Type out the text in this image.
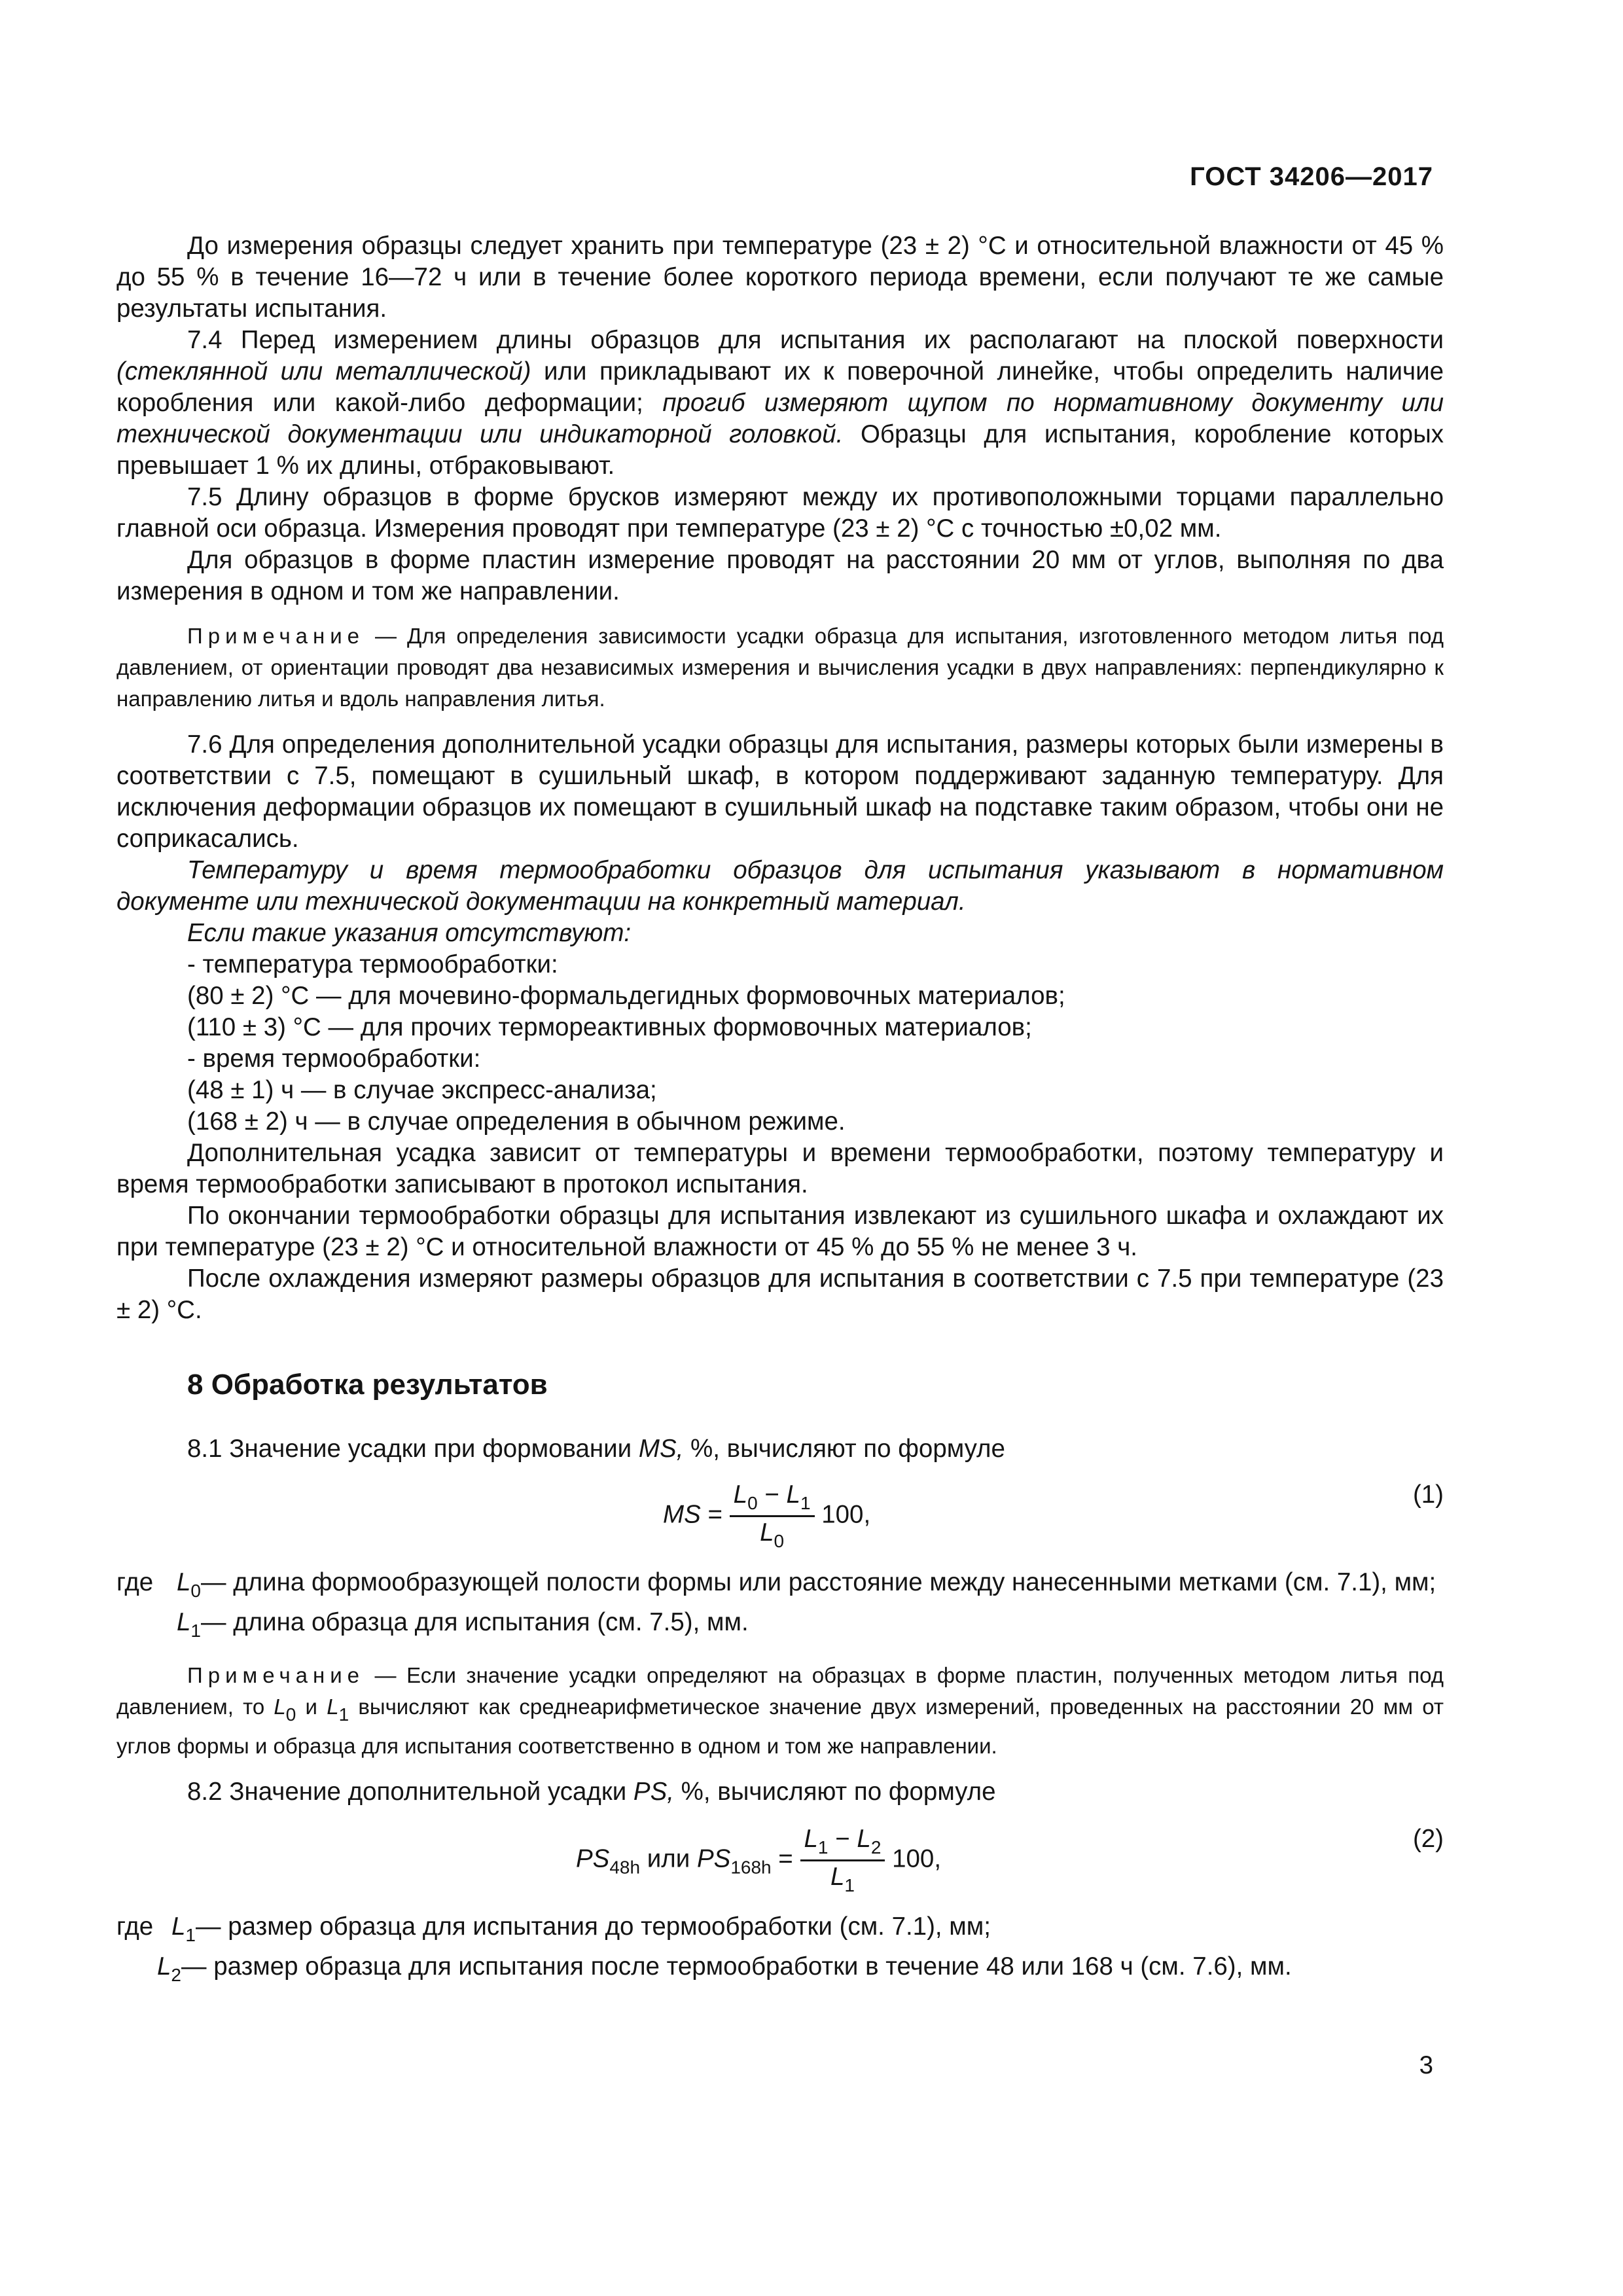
ГОСТ 34206—2017

До измерения образцы следует хранить при температуре (23 ± 2) °С и относительной влажности от 45 % до 55 % в течение 16—72 ч или в течение более короткого периода времени, если получают те же самые результаты испытания.

7.4 Перед измерением длины образцов для испытания их располагают на плоской поверхности (стеклянной или металлической) или прикладывают их к поверочной линейке, чтобы определить наличие коробления или какой-либо деформации; прогиб измеряют щупом по нормативному документу или технической документации или индикаторной головкой. Образцы для испытания, коробление которых превышает 1 % их длины, отбраковывают.

7.5 Длину образцов в форме брусков измеряют между их противоположными торцами параллельно главной оси образца. Измерения проводят при температуре (23 ± 2) °С с точностью ±0,02 мм.

Для образцов в форме пластин измерение проводят на расстоянии 20 мм от углов, выполняя по два измерения в одном и том же направлении.

Примечание — Для определения зависимости усадки образца для испытания, изготовленного методом литья под давлением, от ориентации проводят два независимых измерения и вычисления усадки в двух направлениях: перпендикулярно к направлению литья и вдоль направления литья.

7.6 Для определения дополнительной усадки образцы для испытания, размеры которых были измерены в соответствии с 7.5, помещают в сушильный шкаф, в котором поддерживают заданную температуру. Для исключения деформации образцов их помещают в сушильный шкаф на подставке таким образом, чтобы они не соприкасались.

Температуру и время термообработки образцов для испытания указывают в нормативном документе или технической документации на конкретный материал.

Если такие указания отсутствуют:

- температура термообработки:

(80 ± 2) °С — для мочевино-формальдегидных формовочных материалов;

(110 ± 3) °С — для прочих термореактивных формовочных материалов;

- время термообработки:

(48 ± 1) ч — в случае экспресс-анализа;

(168 ± 2) ч — в случае определения в обычном режиме.

Дополнительная усадка зависит от температуры и времени термообработки, поэтому температуру и время термообработки записывают в протокол испытания.

По окончании термообработки образцы для испытания извлекают из сушильного шкафа и охлаждают их при температуре (23 ± 2) °С и относительной влажности от 45 % до 55 % не менее 3 ч.

После охлаждения измеряют размеры образцов для испытания в соответствии с 7.5 при температуре (23 ± 2) °С.

8 Обработка результатов

8.1 Значение усадки при формовании MS, %, вычисляют по формуле

MS = $\frac{L_0 - L_1}{L_0} 100$,
(1)
где $L_0$ — длина формообразующей полости формы или расстояние между нанесенными метками (см. 7.1), мм;
$L_1$ — длина образца для испытания (см. 7.5), мм.

Примечание — Если значение усадки определяют на образцах в форме пластин, полученных методом литья под давлением, то $L_0$ и $L_1$ вычисляют как среднеарифметическое значение двух измерений, проведенных на расстоянии 20 мм от углов формы и образца для испытания соответственно в одном и том же направлении.

8.2 Значение дополнительной усадки PS, %, вычисляют по формуле

$PS_{48h}$ или $PS_{168h} = \frac{L_1 - L_2}{L_1} 100$,
(2)
где $L_1$ — размер образца для испытания до термообработки (см. 7.1), мм;
$L_2$ — размер образца для испытания после термообработки в течение 48 или 168 ч (см. 7.6), мм.
3
